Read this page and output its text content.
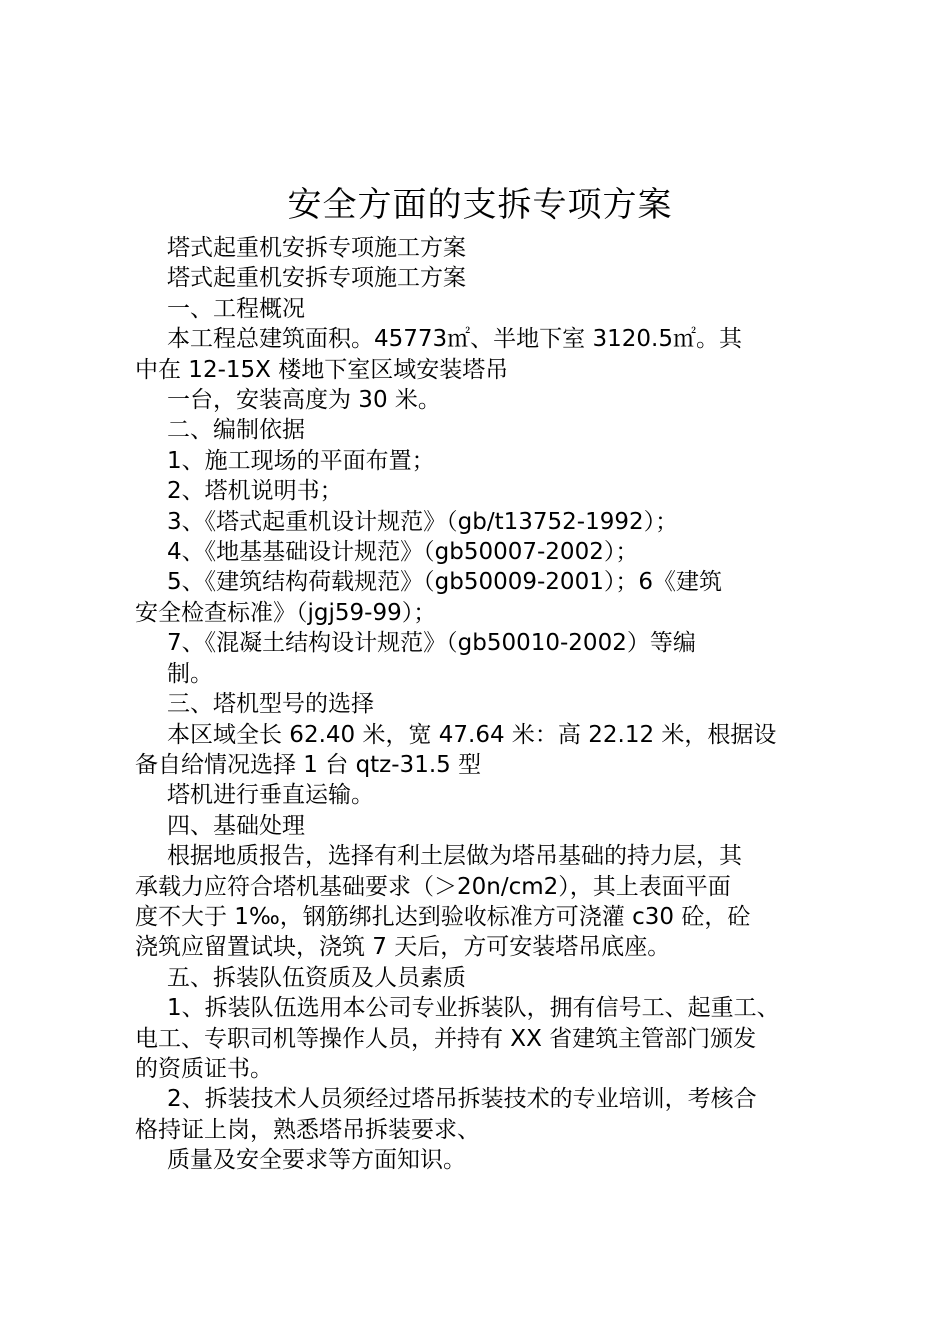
安全方面的支拆专项方案

塔式起重机安拆专项施工方案

塔式起重机安拆专项施工方案

一、工程概况

本工程总建筑面积。45773㎡、半地下室 3120.5㎡。其

中在 12-15X 楼地下室区域安装塔吊

一台，安装高度为 30 米。

二、编制依据

1、施工现场的平面布置；

2、塔机说明书；

3、《塔式起重机设计规范》（gb/t13752-1992）；

4、《地基基础设计规范》（gb50007-2002）；

5、《建筑结构荷载规范》（gb50009-2001）；6《建筑

安全检查标准》（jgj59-99）；

7、《混凝土结构设计规范》（gb50010-2002）等编

制。

三、塔机型号的选择

本区域全长 62.40 米，宽 47.64 米：高 22.12 米，根据设

备自给情况选择 1 台 qtz-31.5 型

塔机进行垂直运输。

四、基础处理

根据地质报告，选择有利土层做为塔吊基础的持力层，其

承载力应符合塔机基础要求（＞20n/cm2），其上表面平面

度不大于 1‰，钢筋绑扎达到验收标准方可浇灌 c30 砼，砼

浇筑应留置试块，浇筑 7 天后，方可安装塔吊底座。

五、拆装队伍资质及人员素质

1、拆装队伍选用本公司专业拆装队，拥有信号工、起重工、

电工、专职司机等操作人员，并持有 XX 省建筑主管部门颁发

的资质证书。

2、拆装技术人员须经过塔吊拆装技术的专业培训，考核合

格持证上岗，熟悉塔吊拆装要求、

质量及安全要求等方面知识。
